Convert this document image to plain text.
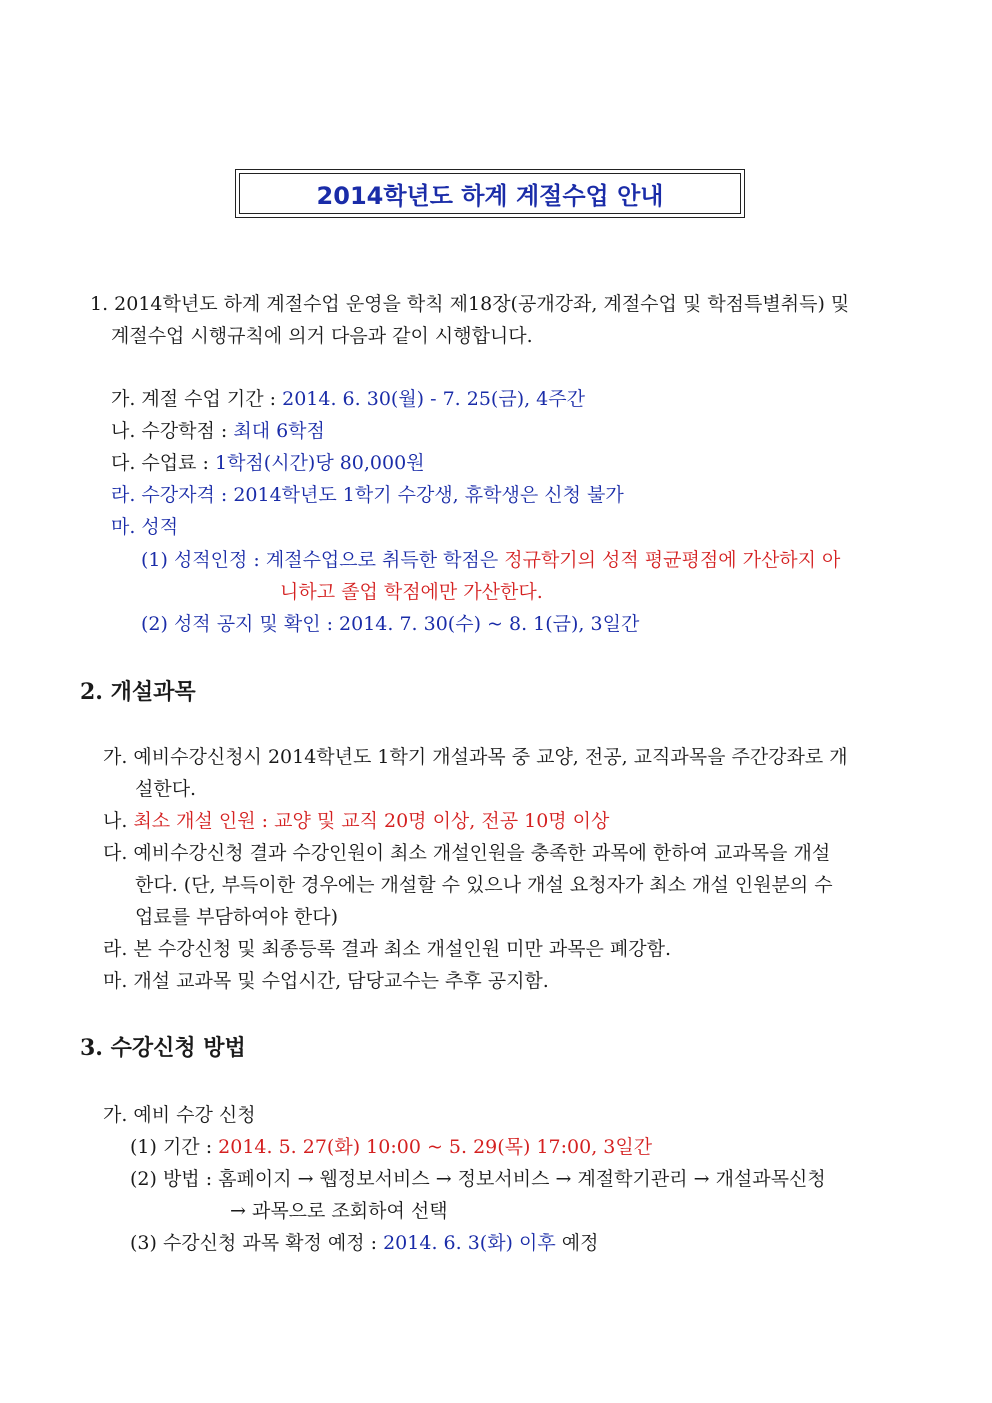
2014학년도 하계 계절수업 안내
1. 2014학년도 하계 계절수업 운영을 학칙 제18장(공개강좌, 계절수업 및 학점특별취득) 및
계절수업 시행규칙에 의거 다음과 같이 시행합니다.
가. 계절 수업 기간 : 2014. 6. 30(월) - 7. 25(금), 4주간
나. 수강학점 : 최대 6학점
다. 수업료 : 1학점(시간)당 80,000원
라. 수강자격 : 2014학년도 1학기 수강생, 휴학생은 신청 불가
마. 성적
(1) 성적인정 : 계절수업으로 취득한 학점은 정규학기의 성적 평균평점에 가산하지 아
니하고 졸업 학점에만 가산한다.
(2) 성적 공지 및 확인 : 2014. 7. 30(수) ~ 8. 1(금), 3일간
2. 개설과목
가. 예비수강신청시 2014학년도 1학기 개설과목 중 교양, 전공, 교직과목을 주간강좌로 개
설한다.
나. 최소 개설 인원 : 교양 및 교직 20명 이상, 전공 10명 이상
다. 예비수강신청 결과 수강인원이 최소 개설인원을 충족한 과목에 한하여 교과목을 개설
한다. (단, 부득이한 경우에는 개설할 수 있으나 개설 요청자가 최소 개설 인원분의 수
업료를 부담하여야 한다)
라. 본 수강신청 및 최종등록 결과 최소 개설인원 미만 과목은 폐강함.
마. 개설 교과목 및 수업시간, 담당교수는 추후 공지함.
3. 수강신청 방법
가. 예비 수강 신청
(1) 기간 : 2014. 5. 27(화) 10:00 ~ 5. 29(목) 17:00, 3일간
(2) 방법 : 홈페이지 → 웹정보서비스 → 정보서비스 → 계절학기관리 → 개설과목신청
→ 과목으로 조회하여 선택
(3) 수강신청 과목 확정 예정 : 2014. 6. 3(화) 이후 예정
